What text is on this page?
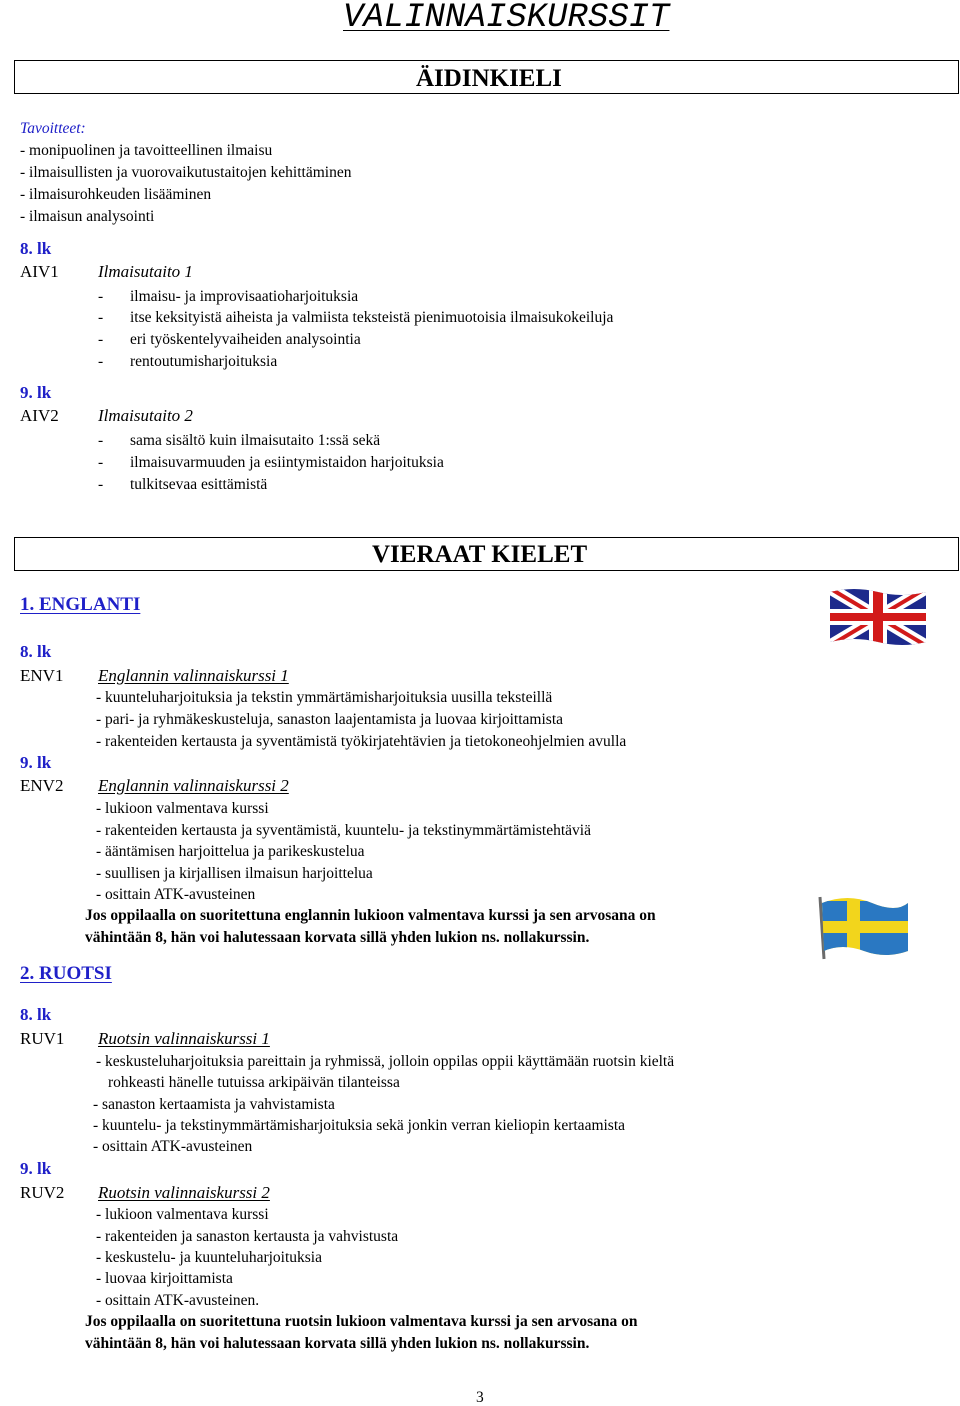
VALINNAISKURSSIT
ÄIDINKIELI
Tavoitteet:
- monipuolinen ja tavoitteellinen ilmaisu
- ilmaisullisten ja vuorovaikutustaitojen kehittäminen
- ilmaisurohkeuden lisääminen
- ilmaisun analysointi
8. lk
AIV1 Ilmaisutaito 1
- ilmaisu- ja improvisaatioharjoituksia
- itse keksityistä aiheista ja valmiista teksteistä pienimuotoisia ilmaisukokeiluja
- eri työskentelyvaiheiden analysointia
- rentoutumisharjoituksia
9. lk
AIV2 Ilmaisutaito 2
- sama sisältö kuin ilmaisutaito 1:ssä sekä
- ilmaisuvarmuuden ja esiintymistaidon harjoituksia
- tulkitsevaa esittämistä
VIERAAT KIELET
1. ENGLANTI
8. lk
ENV1 Englannin valinnaiskurssi 1
- kuunteluharjoituksia ja tekstin ymmärtämisharjoituksia uusilla teksteillä
- pari- ja ryhmäkeskusteluja, sanaston laajentamista ja luovaa kirjoittamista
- rakenteiden kertausta ja syventämistä työkirjatehtävien ja tietokoneohjelmien avulla
9. lk
ENV2 Englannin valinnaiskurssi 2
- lukioon valmentava kurssi
- rakenteiden kertausta ja syventämistä, kuuntelu- ja tekstinymmärtämistehtäviä
- ääntämisen harjoittelua ja parikeskustelua
- suullisen ja kirjallisen ilmaisun harjoittelua
- osittain ATK-avusteinen
Jos oppilaalla on suoritettuna englannin lukioon valmentava kurssi ja sen arvosana on
vähintään 8, hän voi halutessaan korvata sillä yhden lukion ns. nollakurssin.
2. RUOTSI
8. lk
RUV1 Ruotsin valinnaiskurssi 1
- keskusteluharjoituksia pareittain ja ryhmissä, jolloin oppilas oppii käyttämään ruotsin kieltä
rohkeasti hänelle tutuissa arkipäivän tilanteissa
- sanaston kertaamista ja vahvistamista
- kuuntelu- ja tekstinymmärtämisharjoituksia sekä jonkin verran kieliopin kertaamista
- osittain ATK-avusteinen
9. lk
RUV2 Ruotsin valinnaiskurssi 2
- lukioon valmentava kurssi
- rakenteiden ja sanaston kertausta ja vahvistusta
- keskustelu- ja kuunteluharjoituksia
- luovaa kirjoittamista
- osittain ATK-avusteinen.
Jos oppilaalla on suoritettuna ruotsin lukioon valmentava kurssi ja sen arvosana on
vähintään 8, hän voi halutessaan korvata sillä yhden lukion ns. nollakurssin.
3
